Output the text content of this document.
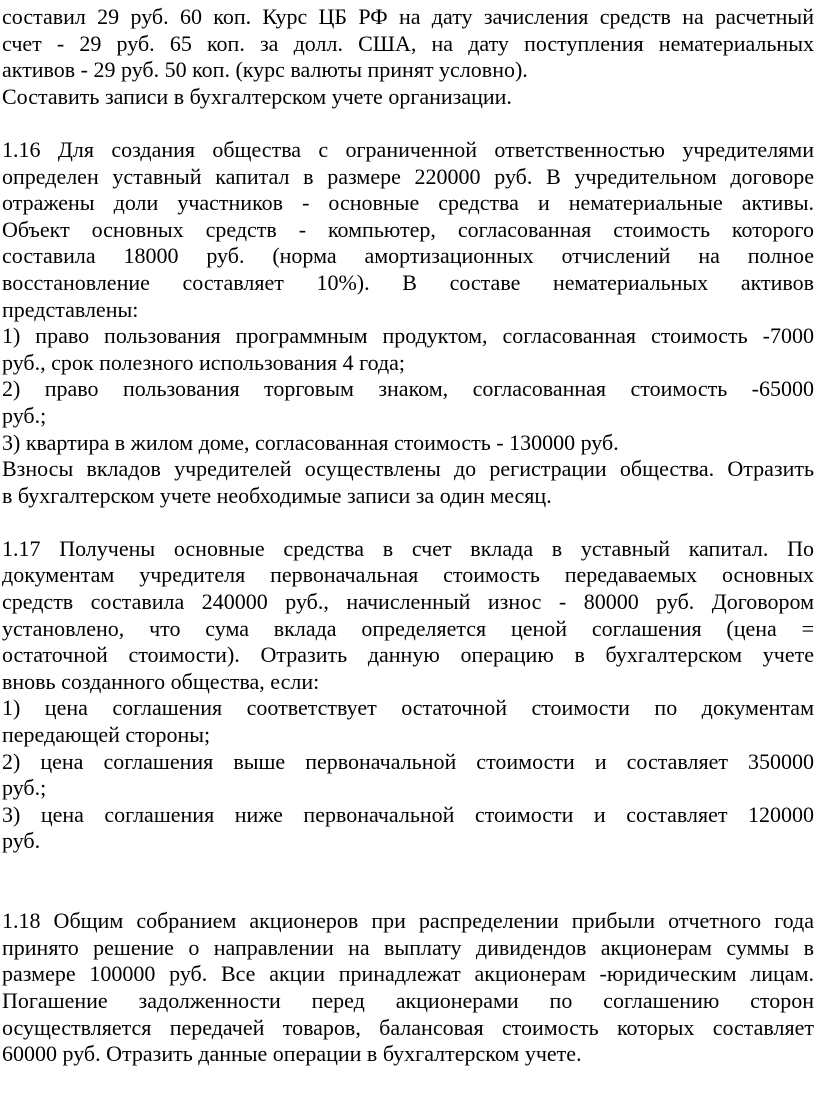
составил 29 руб. 60 коп. Курс ЦБ РФ на дату зачисления средств на расчетный
счет - 29 руб. 65 коп. за долл. США, на дату поступления нематериальных
активов - 29 руб. 50 коп. (курс валюты принят условно).
Составить записи в бухгалтерском учете организации.
1.16 Для создания общества с ограниченной ответственностью учредителями
определен уставный капитал в размере 220000 руб. В учредительном договоре
отражены доли участников - основные средства и нематериальные активы.
Объект основных средств - компьютер, согласованная стоимость которого
составила 18000 руб. (норма амортизационных отчислений на полное
восстановление составляет 10%). В составе нематериальных активов
представлены:
1) право пользования программным продуктом, согласованная стоимость -7000
руб., срок полезного использования 4 года;
2) право пользования торговым знаком, согласованная стоимость -65000
руб.;
3) квартира в жилом доме, согласованная стоимость - 130000 руб.
Взносы вкладов учредителей осуществлены до регистрации общества. Отразить
в бухгалтерском учете необходимые записи за один месяц.
1.17 Получены основные средства в счет вклада в уставный капитал. По
документам учредителя первоначальная стоимость передаваемых основных
средств составила 240000 руб., начисленный износ - 80000 руб. Договором
установлено, что сума вклада определяется ценой соглашения (цена =
остаточной стоимости). Отразить данную операцию в бухгалтерском учете
вновь созданного общества, если:
1) цена соглашения соответствует остаточной стоимости по документам
передающей стороны;
2) цена соглашения выше первоначальной стоимости и составляет 350000
руб.;
3) цена соглашения ниже первоначальной стоимости и составляет 120000
руб.
1.18 Общим собранием акционеров при распределении прибыли отчетного года
принято решение о направлении на выплату дивидендов акционерам суммы в
размере 100000 руб. Все акции принадлежат акционерам -юридическим лицам.
Погашение задолженности перед акционерами по соглашению сторон
осуществляется передачей товаров, балансовая стоимость которых составляет
60000 руб. Отразить данные операции в бухгалтерском учете.
